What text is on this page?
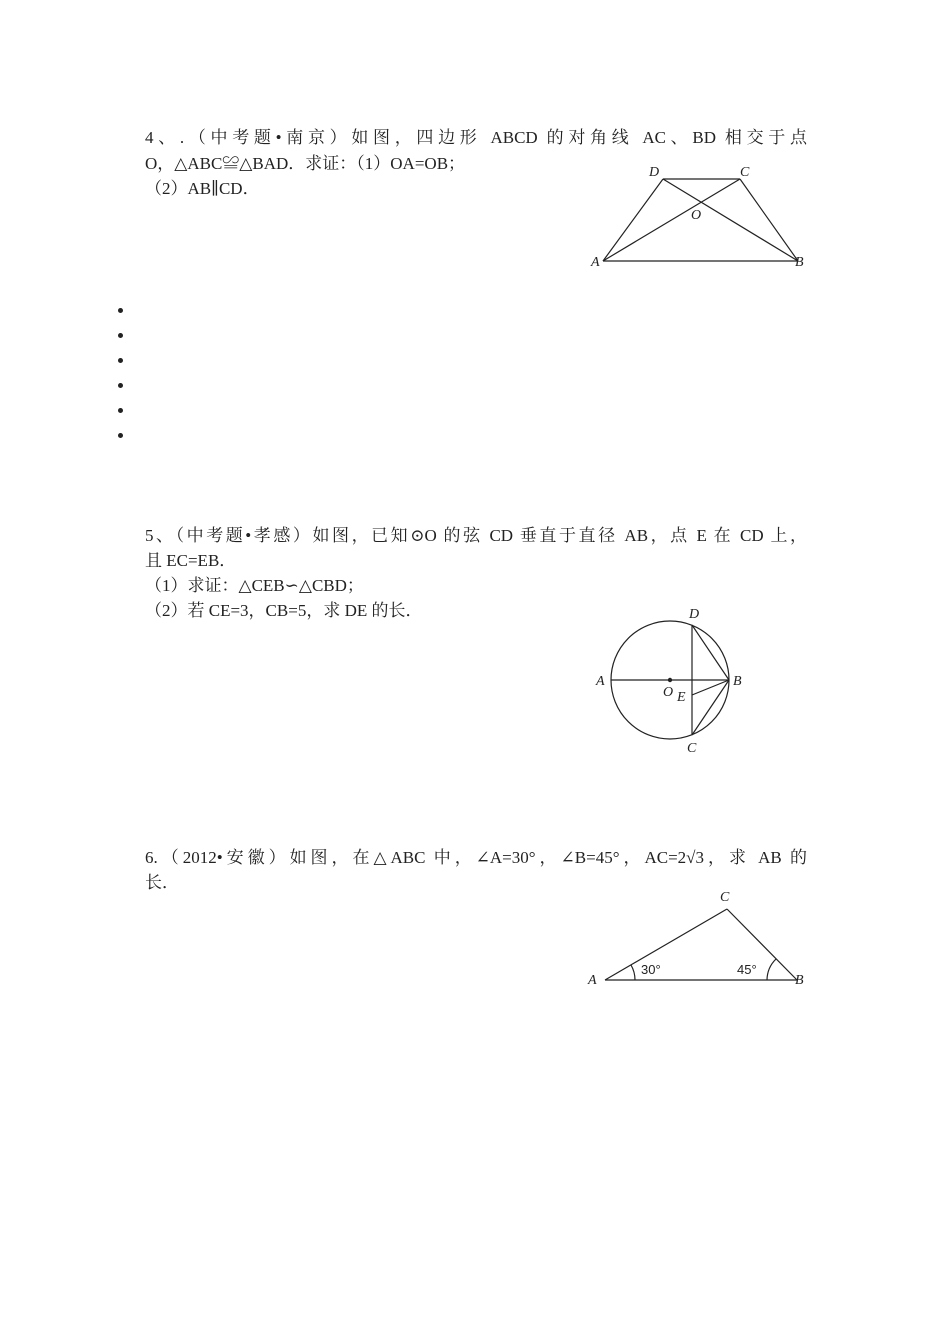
4、.（中考题•南京）如图，四边形 ABCD 的对角线 AC、BD 相交于点
O，△ABC≌△BAD．求证：（1）OA=OB；
（2）AB∥CD．
D	C
O
A	B
5、（中考题•孝感）如图，已知⊙O 的弦 CD 垂直于直径 AB，点 E 在 CD 上，
且 EC=EB．
（1）求证：△CEB∽△CBD；
（2）若 CE=3，CB=5，求 DE 的长．	D
A	B
O E
C
6.（2012•安徽）如图，在△ABC 中，∠A=30°，∠B=45°，AC=2√3，求 AB 的
长．
C
A	B
30°	45°
